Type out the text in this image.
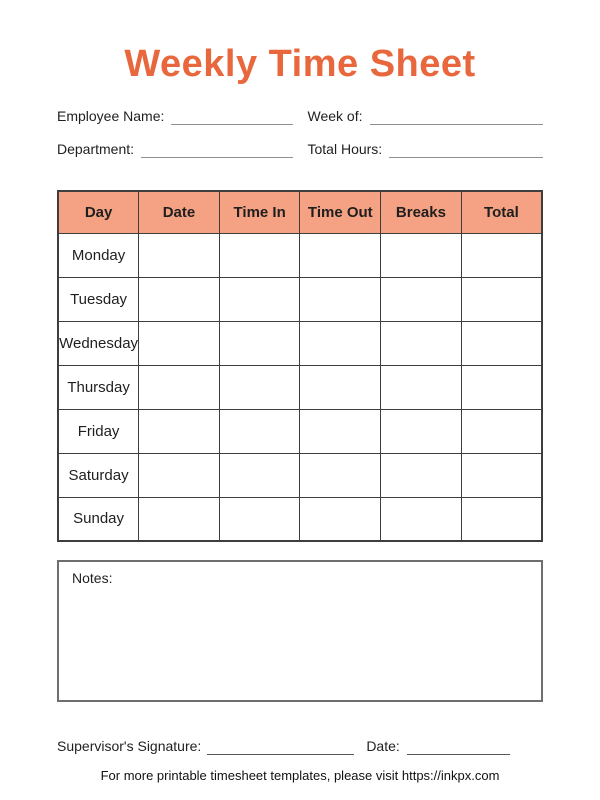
Weekly Time Sheet
Employee Name:	Week of:
Department:	Total Hours:
Day	Date	Time In	Time Out	Breaks	Total
Monday					
Tuesday					
Wednesday					
Thursday					
Friday					
Saturday					
Sunday					
Notes:
Supervisor's Signature:	Date:
For more printable timesheet templates, please visit https://inkpx.com
